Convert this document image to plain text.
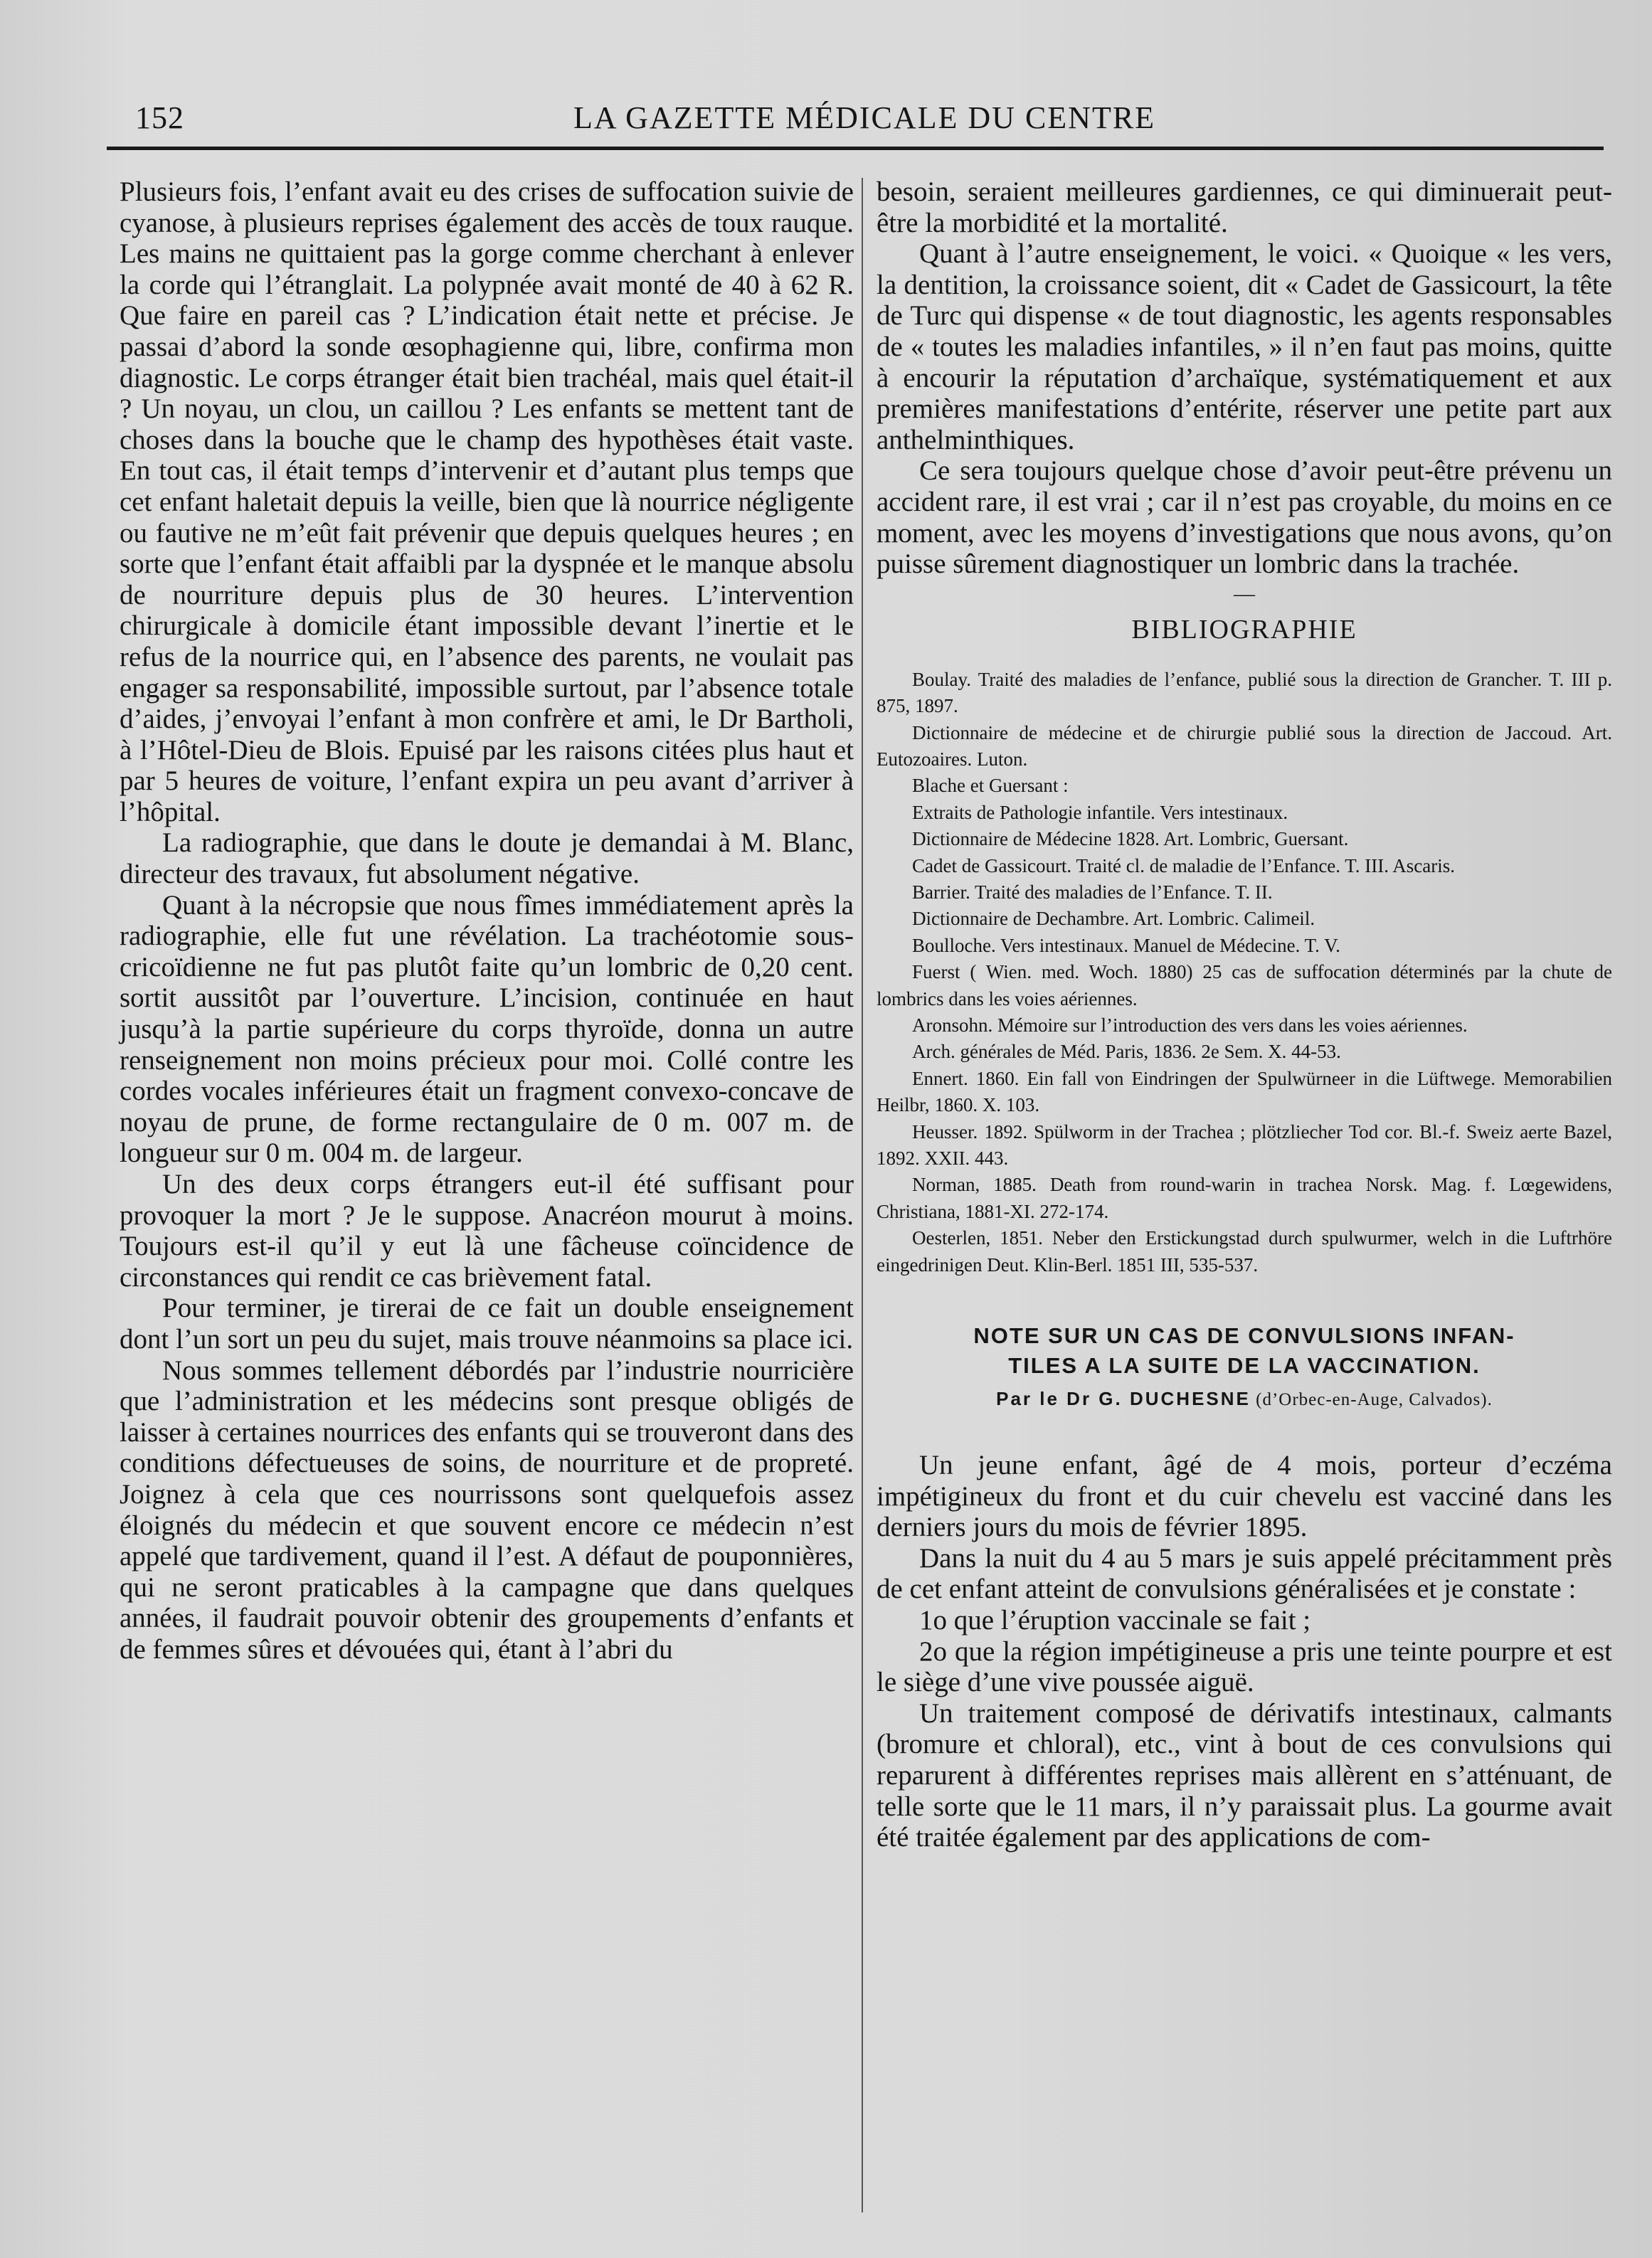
152	LA GAZETTE MÉDICALE DU CENTRE

Plusieurs fois, l’enfant avait eu des crises de suffocation suivie de cyanose, à plusieurs reprises également des accès de toux rauque. Les mains ne quittaient pas la gorge comme cherchant à enlever la corde qui l’étranglait. La polypnée avait monté de 40 à 62 R. Que faire en pareil cas ? L’indication était nette et précise. Je passai d’abord la sonde œsophagienne qui, libre, confirma mon diagnostic. Le corps étranger était bien trachéal, mais quel était-il ? Un noyau, un clou, un caillou ? Les enfants se mettent tant de choses dans la bouche que le champ des hypothèses était vaste. En tout cas, il était temps d’intervenir et d’autant plus temps que cet enfant haletait depuis la veille, bien que là nourrice négligente ou fautive ne m’eût fait prévenir que depuis quelques heures ; en sorte que l’enfant était affaibli par la dyspnée et le manque absolu de nourriture depuis plus de 30 heures. L’intervention chirurgicale à domicile étant impossible devant l’inertie et le refus de la nourrice qui, en l’absence des parents, ne voulait pas engager sa responsabilité, impossible surtout, par l’absence totale d’aides, j’envoyai l’enfant à mon confrère et ami, le Dr Bartholi, à l’Hôtel-Dieu de Blois. Epuisé par les raisons citées plus haut et par 5 heures de voiture, l’enfant expira un peu avant d’arriver à l’hôpital.

La radiographie, que dans le doute je demandai à M. Blanc, directeur des travaux, fut absolument négative.

Quant à la nécropsie que nous fîmes immédiatement après la radiographie, elle fut une révélation. La trachéotomie sous-cricoïdienne ne fut pas plutôt faite qu’un lombric de 0,20 cent. sortit aussitôt par l’ouverture. L’incision, continuée en haut jusqu’à la partie supérieure du corps thyroïde, donna un autre renseignement non moins précieux pour moi. Collé contre les cordes vocales inférieures était un fragment convexo-concave de noyau de prune, de forme rectangulaire de 0 m. 007 m. de longueur sur 0 m. 004 m. de largeur.

Un des deux corps étrangers eut-il été suffisant pour provoquer la mort ? Je le suppose. Anacréon mourut à moins. Toujours est-il qu’il y eut là une fâcheuse coïncidence de circonstances qui rendit ce cas brièvement fatal.

Pour terminer, je tirerai de ce fait un double enseignement dont l’un sort un peu du sujet, mais trouve néanmoins sa place ici.

Nous sommes tellement débordés par l’industrie nourricière que l’administration et les médecins sont presque obligés de laisser à certaines nourrices des enfants qui se trouveront dans des conditions défectueuses de soins, de nourriture et de propreté. Joignez à cela que ces nourrissons sont quelquefois assez éloignés du médecin et que souvent encore ce médecin n’est appelé que tardivement, quand il l’est. A défaut de pouponnières, qui ne seront praticables à la campagne que dans quelques années, il faudrait pouvoir obtenir des groupements d’enfants et de femmes sûres et dévouées qui, étant à l’abri du

besoin, seraient meilleures gardiennes, ce qui diminuerait peut-être la morbidité et la mortalité.

Quant à l’autre enseignement, le voici. « Quoique « les vers, la dentition, la croissance soient, dit « Cadet de Gassicourt, la tête de Turc qui dispense « de tout diagnostic, les agents responsables de « toutes les maladies infantiles, » il n’en faut pas moins, quitte à encourir la réputation d’archaïque, systématiquement et aux premières manifestations d’entérite, réserver une petite part aux anthelminthiques.

Ce sera toujours quelque chose d’avoir peut-être prévenu un accident rare, il est vrai ; car il n’est pas croyable, du moins en ce moment, avec les moyens d’investigations que nous avons, qu’on puisse sûrement diagnostiquer un lombric dans la trachée.

—
BIBLIOGRAPHIE

Boulay. Traité des maladies de l’enfance, publié sous la direction de Grancher. T. III p. 875, 1897.

Dictionnaire de médecine et de chirurgie publié sous la direction de Jaccoud. Art. Eutozoaires. Luton.

Blache et Guersant :

Extraits de Pathologie infantile. Vers intestinaux.

Dictionnaire de Médecine 1828. Art. Lombric, Guersant.

Cadet de Gassicourt. Traité cl. de maladie de l’Enfance. T. III. Ascaris.

Barrier. Traité des maladies de l’Enfance. T. II.

Dictionnaire de Dechambre. Art. Lombric. Calimeil.

Boulloche. Vers intestinaux. Manuel de Médecine. T. V.

Fuerst ( Wien. med. Woch. 1880) 25 cas de suffocation déterminés par la chute de lombrics dans les voies aériennes.

Aronsohn. Mémoire sur l’introduction des vers dans les voies aériennes.

Arch. générales de Méd. Paris, 1836. 2e Sem. X. 44-53.

Ennert. 1860. Ein fall von Eindringen der Spulwürneer in die Lüftwege. Memorabilien Heilbr, 1860. X. 103.

Heusser. 1892. Spülworm in der Trachea ; plötzliecher Tod cor. Bl.-f. Sweiz aerte Bazel, 1892. XXII. 443.

Norman, 1885. Death from round-warin in trachea Norsk. Mag. f. Lœgewidens, Christiana, 1881-XI. 272-174.

Oesterlen, 1851. Neber den Erstickungstad durch spulwurmer, welch in die Luftrhöre eingedrinigen Deut. Klin-Berl. 1851 III, 535-537.

NOTE SUR UN CAS DE CONVULSIONS INFAN-
TILES A LA SUITE DE LA VACCINATION.
Par le Dr G. DUCHESNE (d’Orbec-en-Auge, Calvados).

Un jeune enfant, âgé de 4 mois, porteur d’eczéma impétigineux du front et du cuir chevelu est vacciné dans les derniers jours du mois de février 1895.

Dans la nuit du 4 au 5 mars je suis appelé précitamment près de cet enfant atteint de convulsions généralisées et je constate :

1o que l’éruption vaccinale se fait ;

2o que la région impétigineuse a pris une teinte pourpre et est le siège d’une vive poussée aiguë.

Un traitement composé de dérivatifs intestinaux, calmants (bromure et chloral), etc., vint à bout de ces convulsions qui reparurent à différentes reprises mais allèrent en s’atténuant, de telle sorte que le 11 mars, il n’y paraissait plus. La gourme avait été traitée également par des applications de com-
